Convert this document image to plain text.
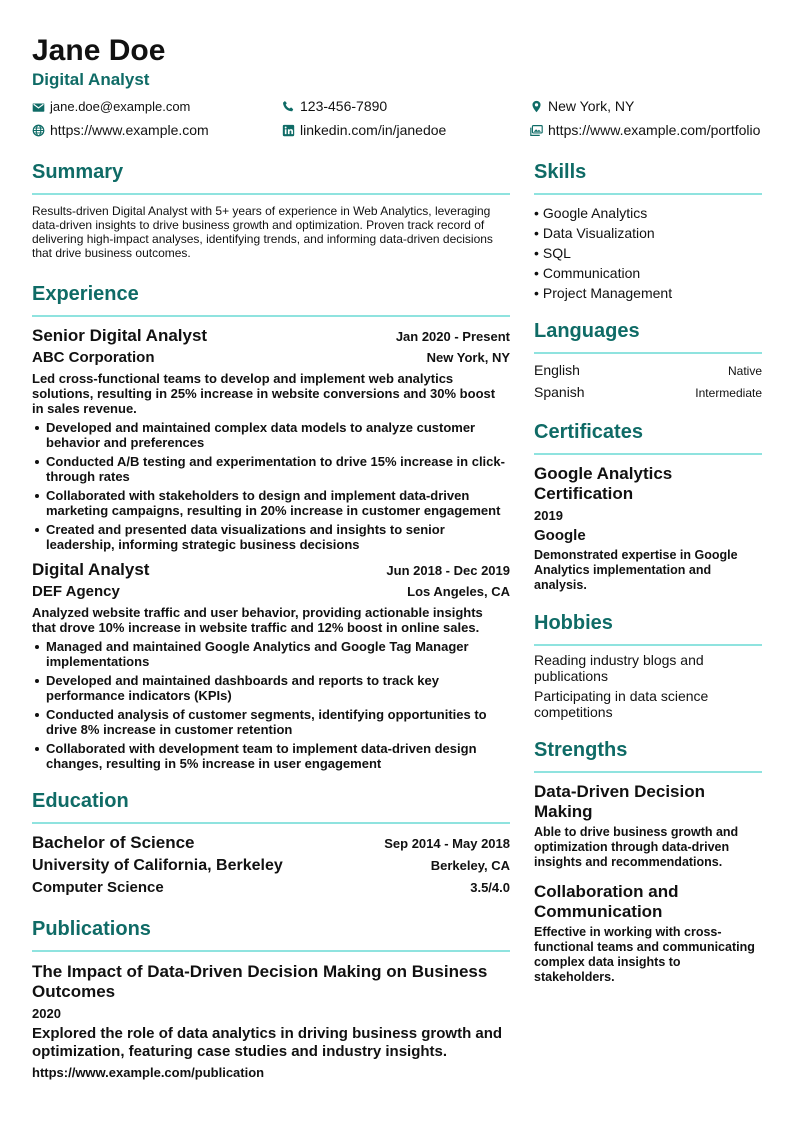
Jane Doe
Digital Analyst
jane.doe@example.com	123-456-7890	New York, NY
https://www.example.com	linkedin.com/in/janedoe	https://www.example.com/portfolio
Summary
Results-driven Digital Analyst with 5+ years of experience in Web Analytics, leveraging data-driven insights to drive business growth and optimization. Proven track record of delivering high-impact analyses, identifying trends, and informing data-driven decisions that drive business outcomes.
Experience
Senior Digital Analyst	Jan 2020 - Present
ABC Corporation	New York, NY
Led cross-functional teams to develop and implement web analytics solutions, resulting in 25% increase in website conversions and 30% boost in sales revenue.
Developed and maintained complex data models to analyze customer behavior and preferences
Conducted A/B testing and experimentation to drive 15% increase in click-through rates
Collaborated with stakeholders to design and implement data-driven marketing campaigns, resulting in 20% increase in customer engagement
Created and presented data visualizations and insights to senior leadership, informing strategic business decisions
Digital Analyst	Jun 2018 - Dec 2019
DEF Agency	Los Angeles, CA
Analyzed website traffic and user behavior, providing actionable insights that drove 10% increase in website traffic and 12% boost in online sales.
Managed and maintained Google Analytics and Google Tag Manager implementations
Developed and maintained dashboards and reports to track key performance indicators (KPIs)
Conducted analysis of customer segments, identifying opportunities to drive 8% increase in customer retention
Collaborated with development team to implement data-driven design changes, resulting in 5% increase in user engagement
Education
Bachelor of Science	Sep 2014 - May 2018
University of California, Berkeley	Berkeley, CA
Computer Science	3.5/4.0
Publications
The Impact of Data-Driven Decision Making on Business Outcomes
2020
Explored the role of data analytics in driving business growth and optimization, featuring case studies and industry insights.
https://www.example.com/publication
Skills
• Google Analytics
• Data Visualization
• SQL
• Communication
• Project Management
Languages
English	Native
Spanish	Intermediate
Certificates
Google Analytics Certification
2019
Google
Demonstrated expertise in Google Analytics implementation and analysis.
Hobbies
Reading industry blogs and publications
Participating in data science competitions
Strengths
Data-Driven Decision Making
Able to drive business growth and optimization through data-driven insights and recommendations.
Collaboration and Communication
Effective in working with cross-functional teams and communicating complex data insights to stakeholders.
